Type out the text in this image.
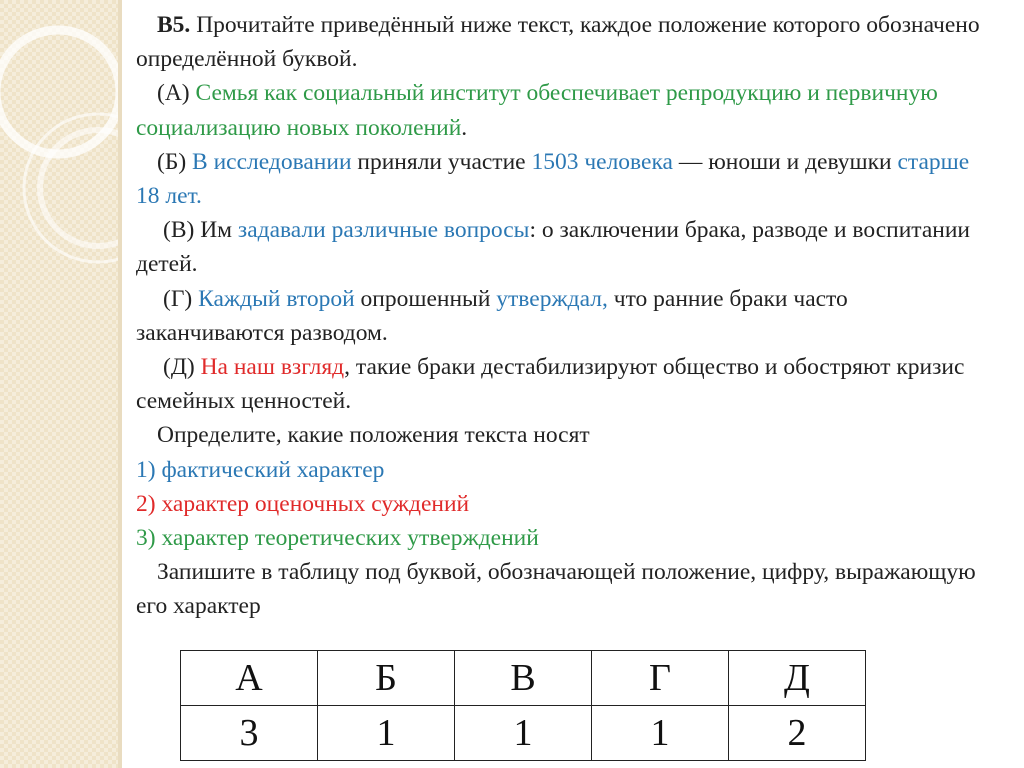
B5. Прочитайте приведённый ниже текст, каждое положение которого обозначено определённой буквой.

(А) Семья как социальный институт обеспечивает репродукцию и первичную социализацию новых поколений.

(Б) В исследовании приняли участие 1503 человека — юноши и девушки старше 18 лет.

(В) Им задавали различные вопросы: о заключении брака, разводе и воспитании детей.

(Г) Каждый второй опрошенный утверждал, что ранние браки часто заканчиваются разводом.

(Д) На наш взгляд, такие браки дестабилизируют общество и обостряют кризис семейных ценностей.

Определите, какие положения текста носят

1) фактический характер

2) характер оценочных суждений

3) характер теоретических утверждений

Запишите в таблицу под буквой, обозначающей положение, цифру, выражающую его характер

А	Б	В	Г	Д
3	1	1	1	2
